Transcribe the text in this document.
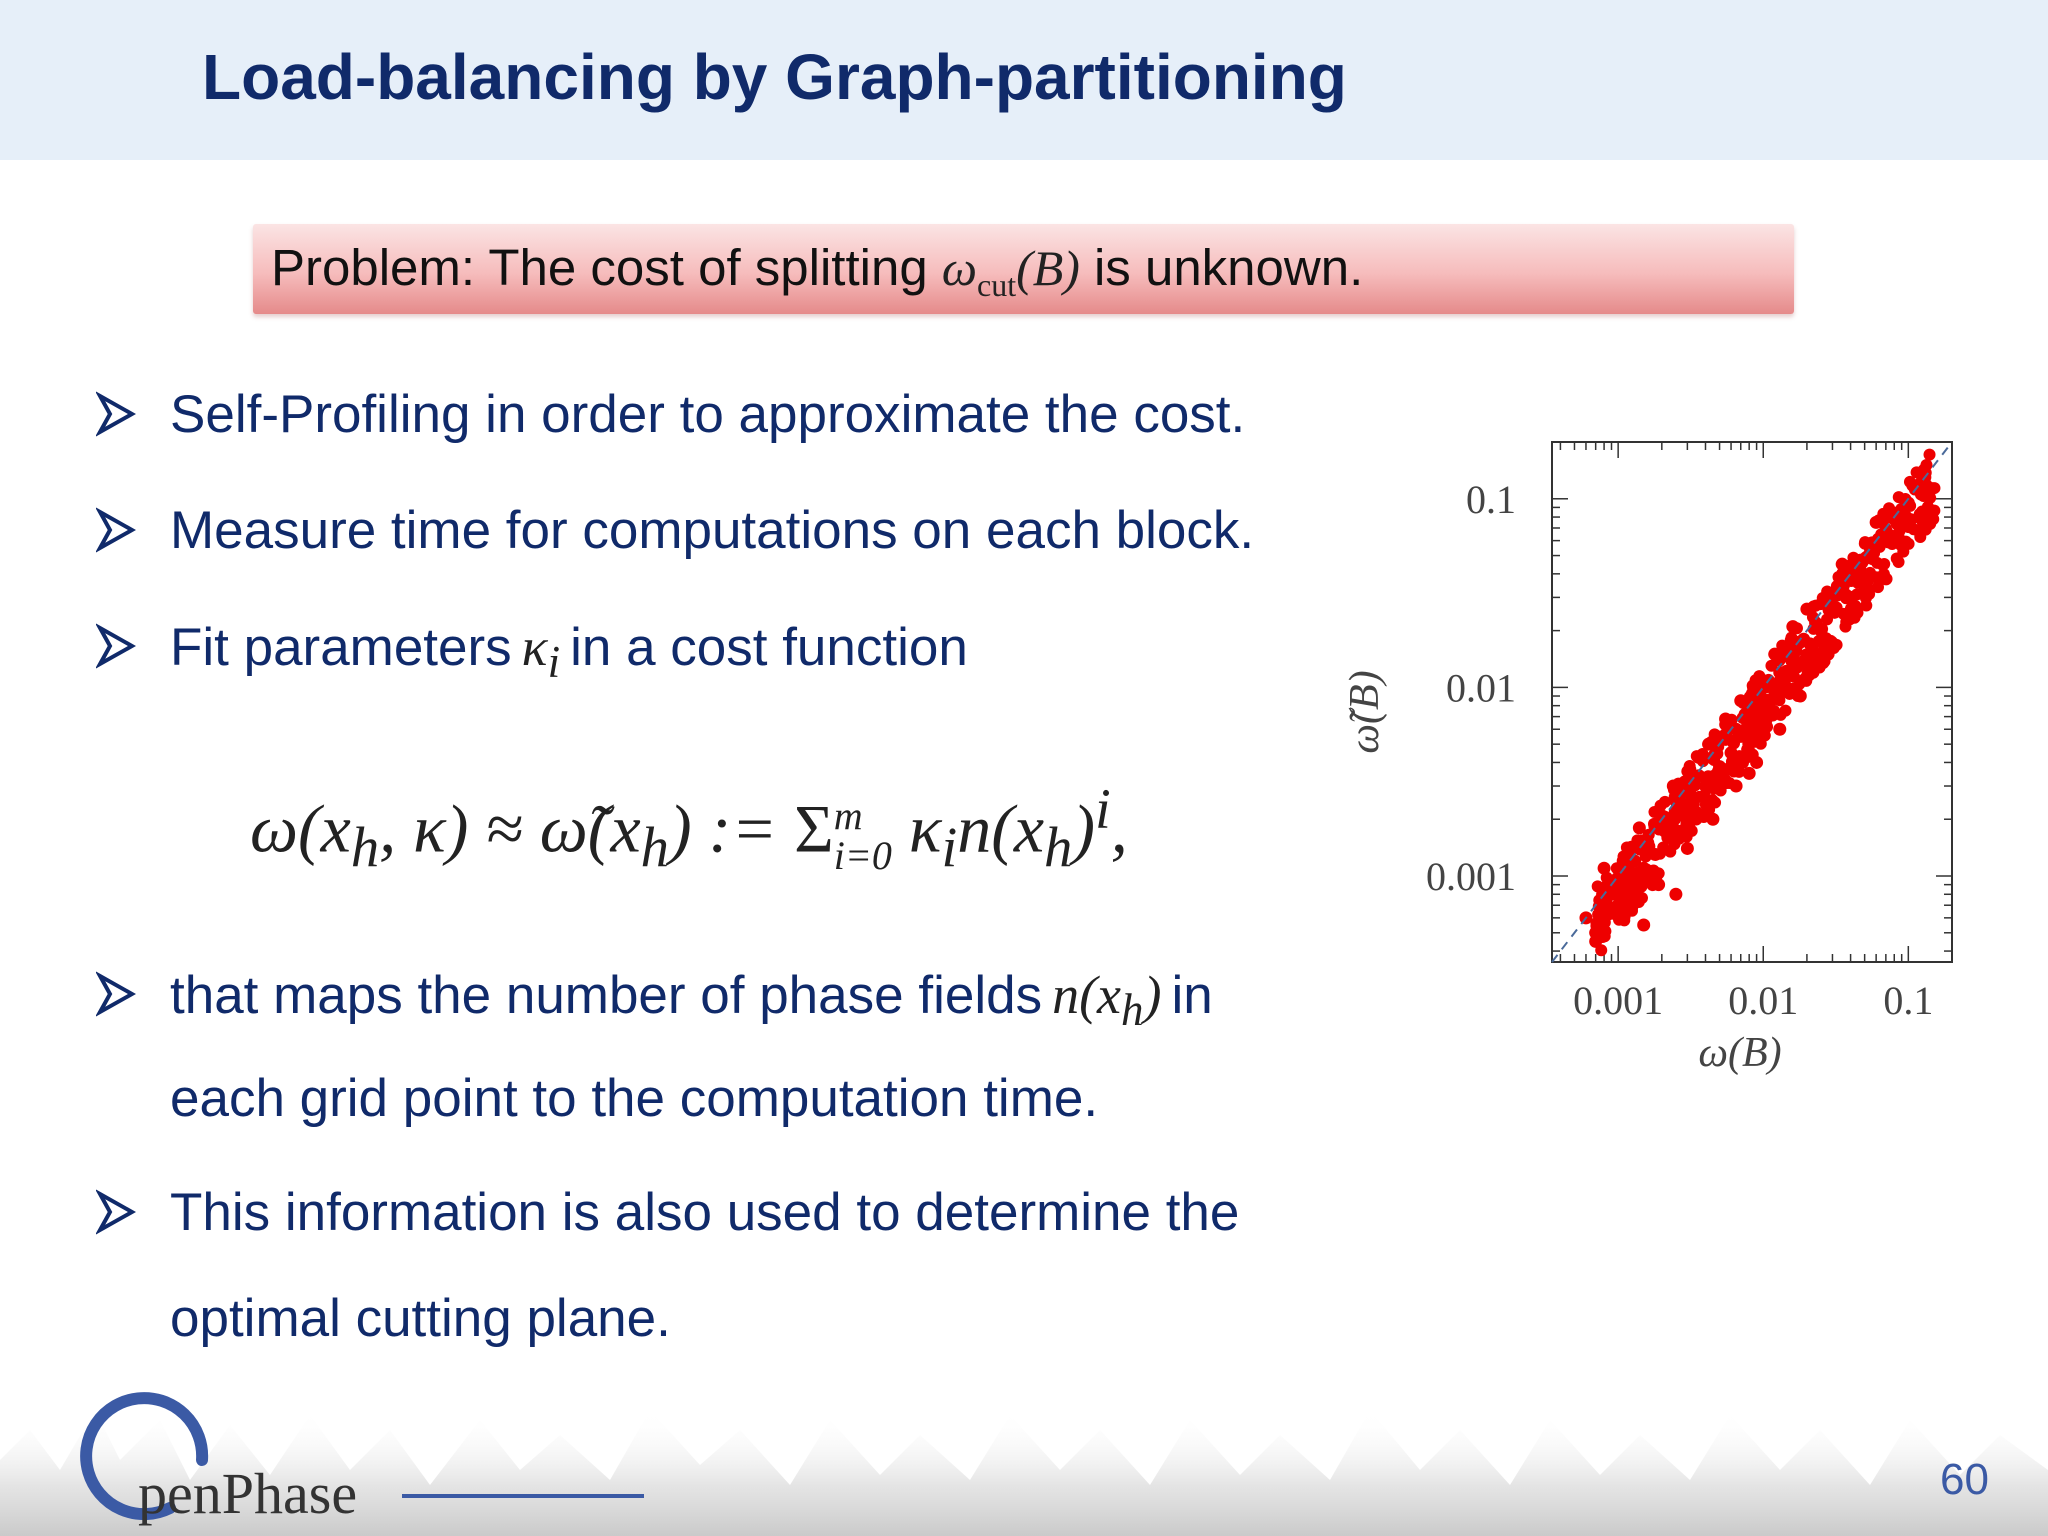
Load-balancing by Graph-partitioning
Problem: The cost of splitting $\omega_{cut}(B)$ is unknown.
Self-Profiling in order to approximate the cost.
Measure time for computations on each block.
Fit parameters $\kappa_i$ in a cost function
$\omega(x_h$, $\kappa) \approx \omegã(x_h)$ := Σ m
i=0 $\kappa_in(x_h)^i$,
that maps the number of phase fields $n(x_h)$ in
each grid point to the computation time.
This information is also used to determine the
optimal cutting plane.
0.001 0.01 0.1
0.1
0.01
0.001
ω(B)
ω̃(B)
penPhase	60
